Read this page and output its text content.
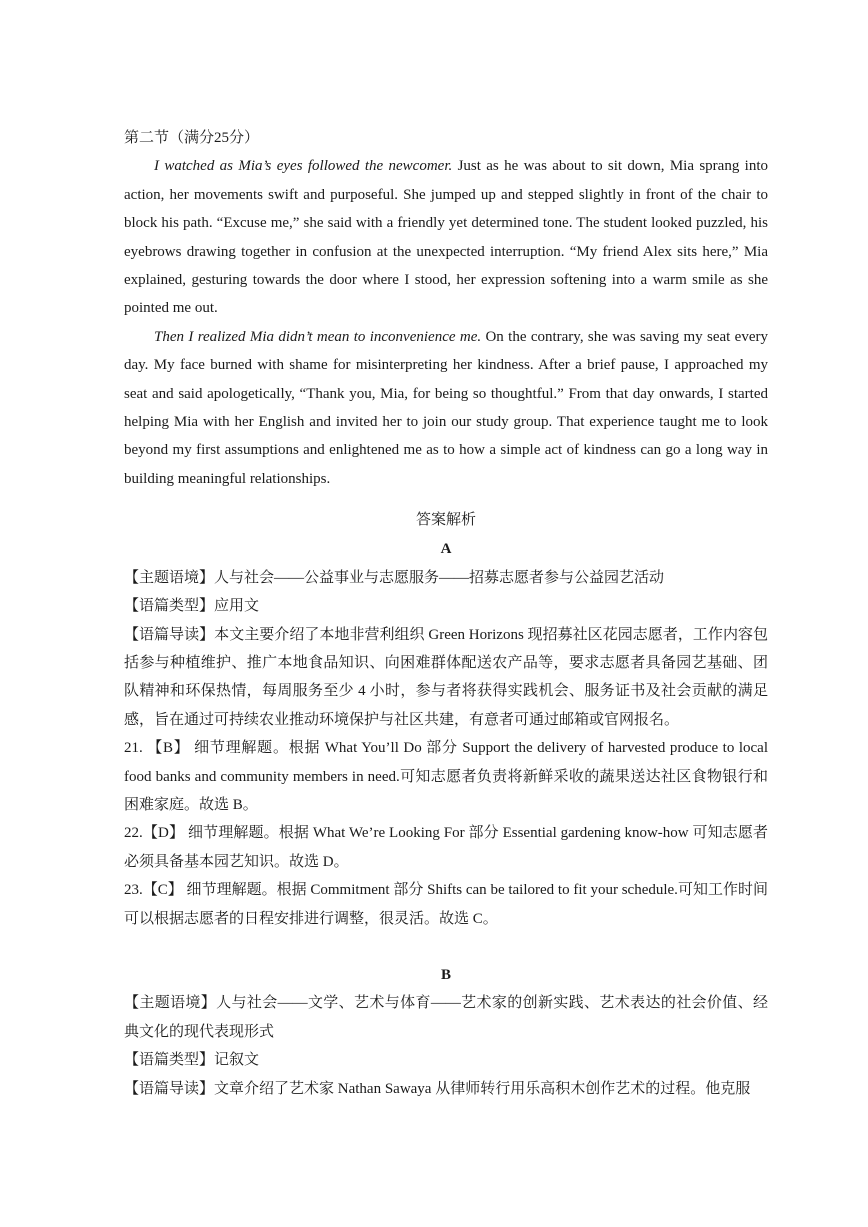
第二节（满分25分）

I watched as Mia’s eyes followed the newcomer. Just as he was about to sit down, Mia sprang into action, her movements swift and purposeful. She jumped up and stepped slightly in front of the chair to block his path. “Excuse me,” she said with a friendly yet determined tone. The student looked puzzled, his eyebrows drawing together in confusion at the unexpected interruption. “My friend Alex sits here,” Mia explained, gesturing towards the door where I stood, her expression softening into a warm smile as she pointed me out.

Then I realized Mia didn’t mean to inconvenience me. On the contrary, she was saving my seat every day. My face burned with shame for misinterpreting her kindness. After a brief pause, I approached my seat and said apologetically, “Thank you, Mia, for being so thoughtful.” From that day onwards, I started helping Mia with her English and invited her to join our study group. That experience taught me to look beyond my first assumptions and enlightened me as to how a simple act of kindness can go a long way in building meaningful relationships.

答案解析

A

【主题语境】人与社会——公益事业与志愿服务——招募志愿者参与公益园艺活动

【语篇类型】应用文

【语篇导读】本文主要介绍了本地非营利组织 Green Horizons 现招募社区花园志愿者，工作内容包括参与种植维护、推广本地食品知识、向困难群体配送农产品等，要求志愿者具备园艺基础、团队精神和环保热情，每周服务至少 4 小时，参与者将获得实践机会、服务证书及社会贡献的满足感，旨在通过可持续农业推动环境保护与社区共建，有意者可通过邮箱或官网报名。

21. 【B】 细节理解题。根据 What You’ll Do 部分 Support the delivery of harvested produce to local food banks and community members in need.可知志愿者负责将新鲜采收的蔬果送达社区食物银行和困难家庭。故选 B。

22.【D】 细节理解题。根据 What We’re Looking For 部分 Essential gardening know-how 可知志愿者必须具备基本园艺知识。故选 D。

23.【C】 细节理解题。根据 Commitment 部分 Shifts can be tailored to fit your schedule.可知工作时间可以根据志愿者的日程安排进行调整，很灵活。故选 C。

B

【主题语境】人与社会——文学、艺术与体育——艺术家的创新实践、艺术表达的社会价值、经典文化的现代表现形式

【语篇类型】记叙文

【语篇导读】文章介绍了艺术家 Nathan Sawaya 从律师转行用乐高积木创作艺术的过程。他克服
